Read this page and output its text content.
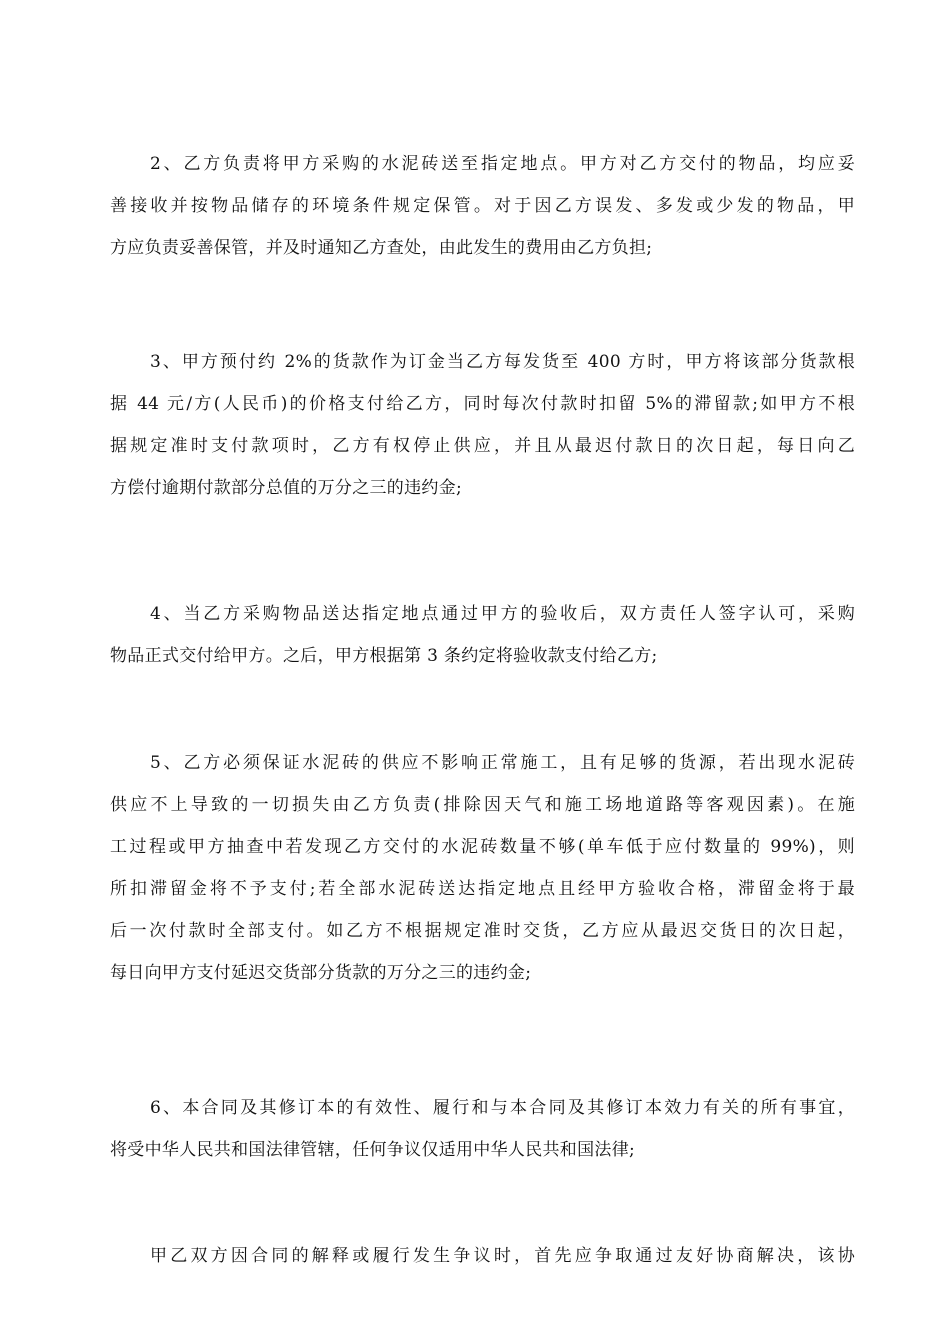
2、乙方负责将甲方采购的水泥砖送至指定地点。甲方对乙方交付的物品，均应妥
善接收并按物品储存的环境条件规定保管。对于因乙方误发、多发或少发的物品，甲
方应负责妥善保管，并及时通知乙方查处，由此发生的费用由乙方负担;
3、甲方预付约 2%的货款作为订金当乙方每发货至 400 方时，甲方将该部分货款根
据 44 元/方(人民币)的价格支付给乙方，同时每次付款时扣留 5%的滞留款;如甲方不根
据规定准时支付款项时，乙方有权停止供应，并且从最迟付款日的次日起，每日向乙
方偿付逾期付款部分总值的万分之三的违约金;
4、当乙方采购物品送达指定地点通过甲方的验收后，双方责任人签字认可，采购
物品正式交付给甲方。之后，甲方根据第 3 条约定将验收款支付给乙方;
5、乙方必须保证水泥砖的供应不影响正常施工，且有足够的货源，若出现水泥砖
供应不上导致的一切损失由乙方负责(排除因天气和施工场地道路等客观因素)。在施
工过程或甲方抽查中若发现乙方交付的水泥砖数量不够(单车低于应付数量的 99%)，则
所扣滞留金将不予支付;若全部水泥砖送达指定地点且经甲方验收合格，滞留金将于最
后一次付款时全部支付。如乙方不根据规定准时交货，乙方应从最迟交货日的次日起，
每日向甲方支付延迟交货部分货款的万分之三的违约金;
6、本合同及其修订本的有效性、履行和与本合同及其修订本效力有关的所有事宜，
将受中华人民共和国法律管辖，任何争议仅适用中华人民共和国法律;
甲乙双方因合同的解释或履行发生争议时，首先应争取通过友好协商解决，该协
